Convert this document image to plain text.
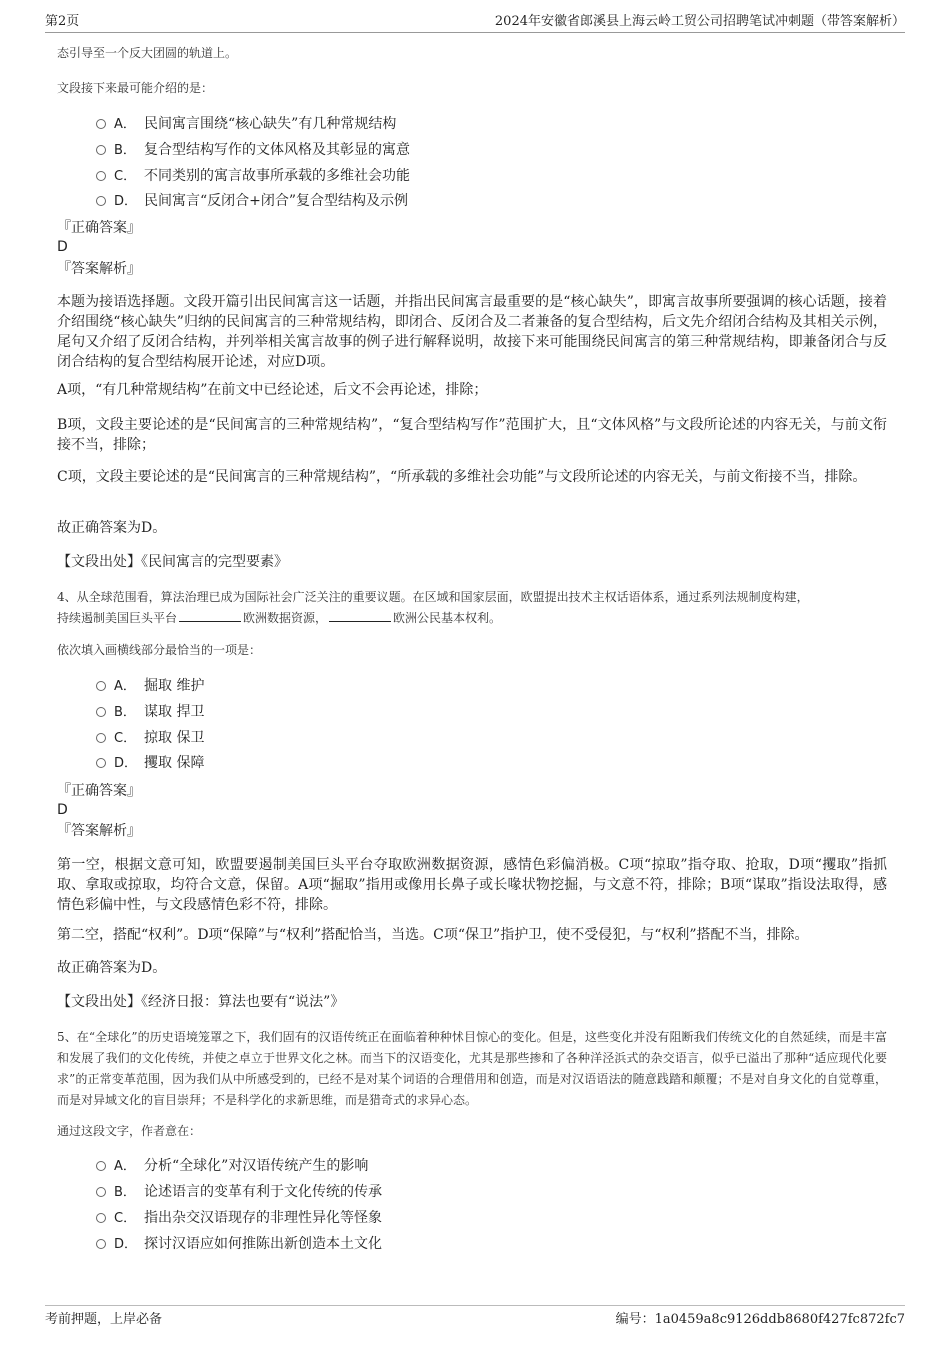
第2页	2024年安徽省郎溪县上海云岭工贸公司招聘笔试冲刺题（带答案解析）
态引导至一个反大团圆的轨道上。
文段接下来最可能介绍的是：
A． 民间寓言围绕“核心缺失”有几种常规结构
B． 复合型结构写作的文体风格及其彰显的寓意
C． 不同类别的寓言故事所承载的多维社会功能
D． 民间寓言“反闭合+闭合”复合型结构及示例
『正确答案』
D
『答案解析』
本题为接语选择题。文段开篇引出民间寓言这一话题，并指出民间寓言最重要的是“核心缺失”，即寓言故事所要强调的核心话题，接着介绍围绕“核心缺失”归纳的民间寓言的三种常规结构，即闭合、反闭合及二者兼备的复合型结构，后文先介绍闭合结构及其相关示例，尾句又介绍了反闭合结构，并列举相关寓言故事的例子进行解释说明，故接下来可能围绕民间寓言的第三种常规结构，即兼备闭合与反闭合结构的复合型结构展开论述，对应D项。
A项，“有几种常规结构”在前文中已经论述，后文不会再论述，排除；
B项，文段主要论述的是“民间寓言的三种常规结构”，“复合型结构写作”范围扩大，且“文体风格”与文段所论述的内容无关，与前文衔接不当，排除；
C项，文段主要论述的是“民间寓言的三种常规结构”，“所承载的多维社会功能”与文段所论述的内容无关，与前文衔接不当，排除。
故正确答案为D。
【文段出处】《民间寓言的完型要素》
4、从全球范围看，算法治理已成为国际社会广泛关注的重要议题。在区域和国家层面，欧盟提出技术主权话语体系，通过系列法规制度构建，
持续遏制美国巨头平台	欧洲数据资源，	欧洲公民基本权利。
依次填入画横线部分最恰当的一项是：
A． 掘取 维护
B． 谋取 捍卫
C． 掠取 保卫
D． 攫取 保障
『正确答案』
D
『答案解析』
第一空，根据文意可知，欧盟要遏制美国巨头平台夺取欧洲数据资源，感情色彩偏消极。C项“掠取”指夺取、抢取，D项“攫取”指抓取、拿取或掠取，均符合文意，保留。A项“掘取”指用或像用长鼻子或长喙状物挖掘，与文意不符，排除；B项“谋取”指设法取得，感情色彩偏中性，与文段感情色彩不符，排除。
第二空，搭配“权利”。D项“保障”与“权利”搭配恰当，当选。C项“保卫”指护卫，使不受侵犯，与“权利”搭配不当，排除。
故正确答案为D。
【文段出处】《经济日报：算法也要有“说法”》
5、在“全球化”的历史语境笼罩之下，我们固有的汉语传统正在面临着种种怵目惊心的变化。但是，这些变化并没有阻断我们传统文化的自然延续，而是丰富和发展了我们的文化传统，并使之卓立于世界文化之林。而当下的汉语变化，尤其是那些掺和了各种洋泾浜式的杂交语言，似乎已溢出了那种“适应现代化要求”的正常变革范围，因为我们从中所感受到的，已经不是对某个词语的合理借用和创造，而是对汉语语法的随意践踏和颠覆；不是对自身文化的自觉尊重，而是对异域文化的盲目崇拜；不是科学化的求新思维，而是猎奇式的求异心态。
通过这段文字，作者意在：
A． 分析“全球化”对汉语传统产生的影响
B． 论述语言的变革有利于文化传统的传承
C． 指出杂交汉语现存的非理性异化等怪象
D． 探讨汉语应如何推陈出新创造本土文化
考前押题，上岸必备	编号：1a0459a8c9126ddb8680f427fc872fc7
